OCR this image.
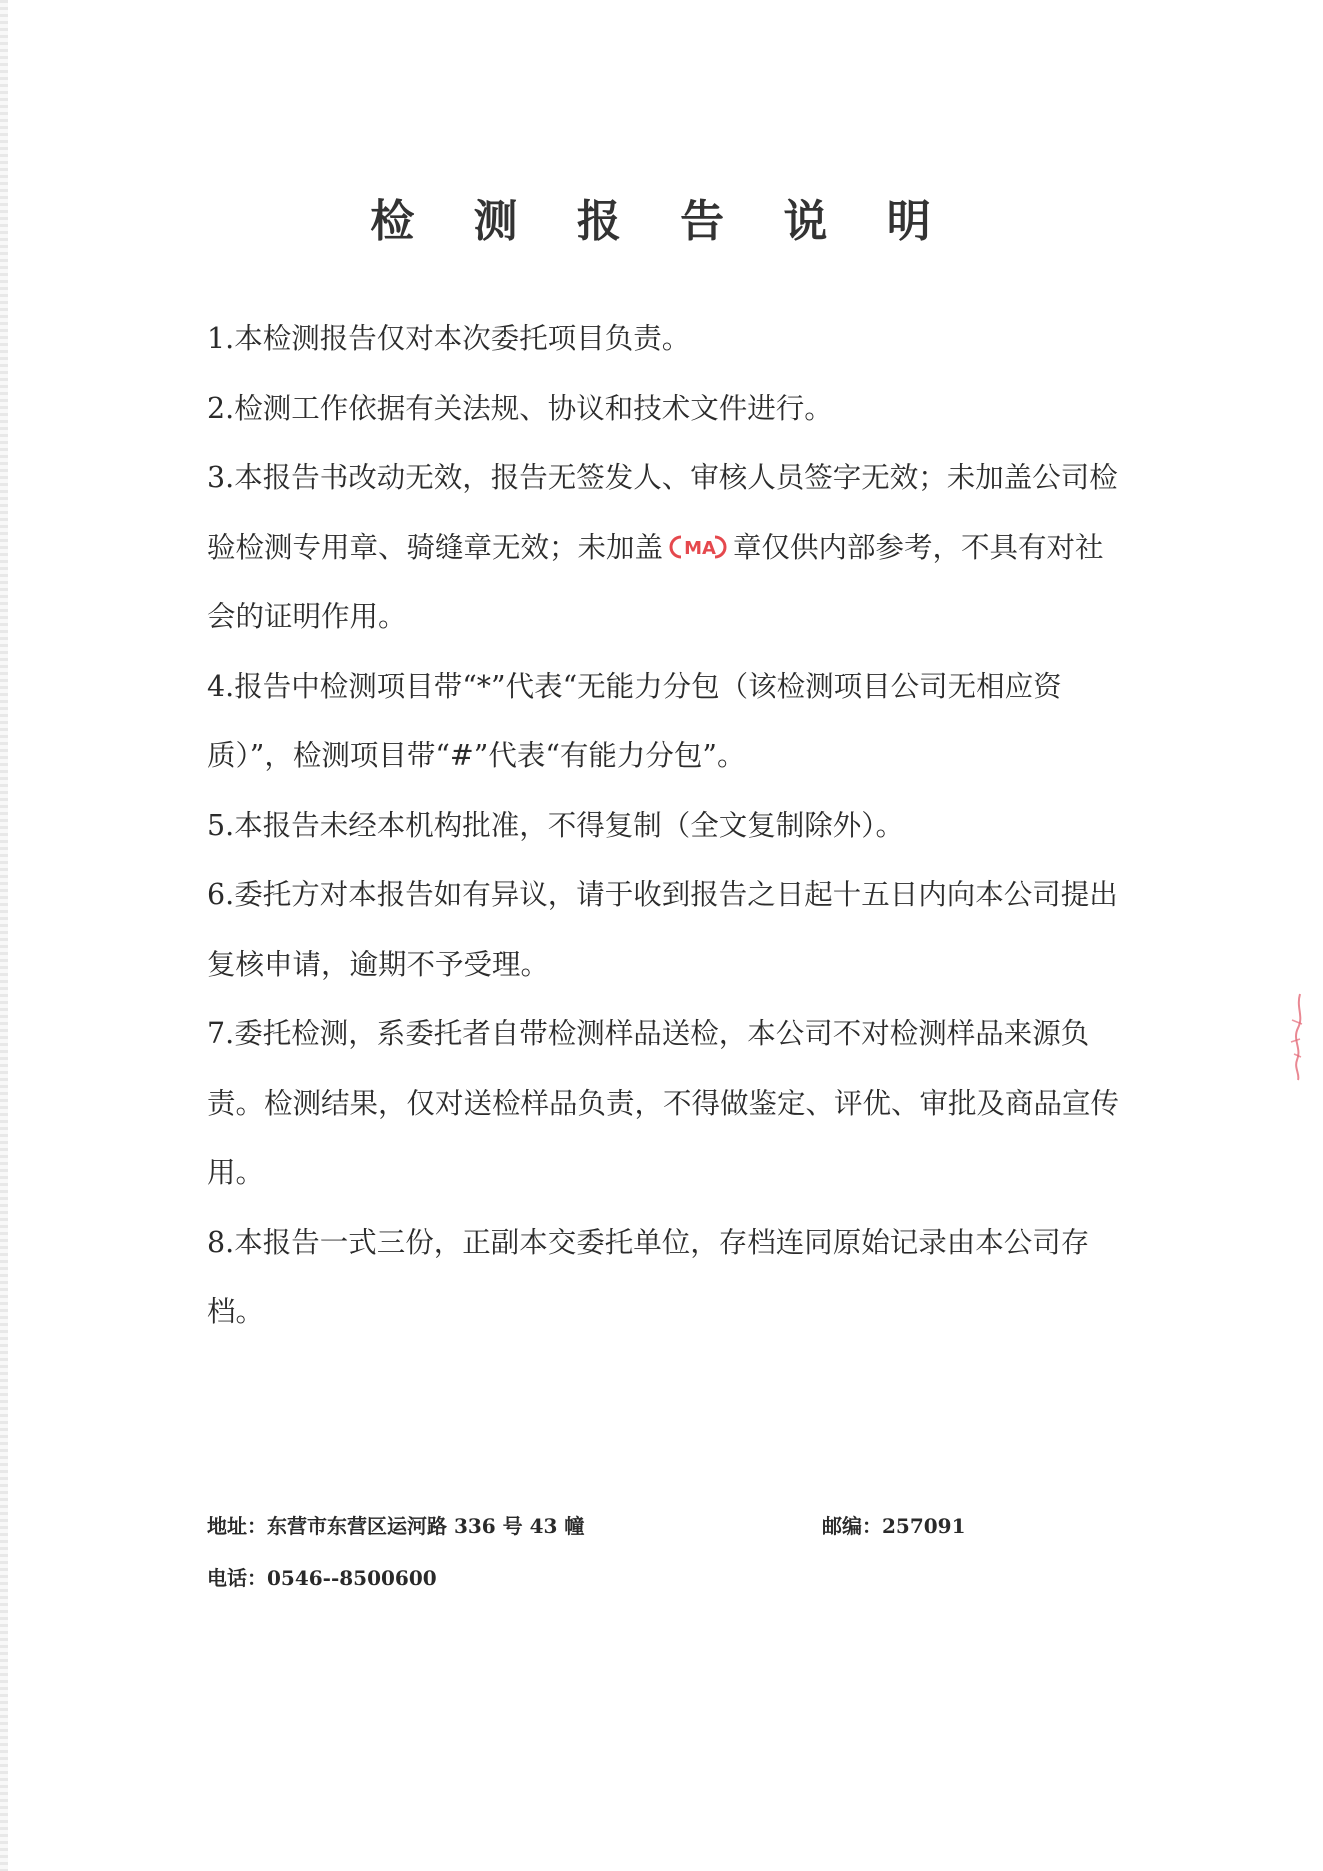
检 测 报 告 说 明
1.本检测报告仅对本次委托项目负责。
2.检测工作依据有关法规、协议和技术文件进行。
3.本报告书改动无效，报告无签发人、审核人员签字无效；未加盖公司检验检测专用章、骑缝章无效；未加盖 MA 章仅供内部参考，不具有对社会的证明作用。
4.报告中检测项目带“*”代表“无能力分包（该检测项目公司无相应资质）”，检测项目带“#”代表“有能力分包”。
5.本报告未经本机构批准，不得复制（全文复制除外）。
6.委托方对本报告如有异议，请于收到报告之日起十五日内向本公司提出复核申请，逾期不予受理。
7.委托检测，系委托者自带检测样品送检，本公司不对检测样品来源负责。检测结果，仅对送检样品负责，不得做鉴定、评优、审批及商品宣传用。
8.本报告一式三份，正副本交委托单位，存档连同原始记录由本公司存档。
地址：东营市东营区运河路 336 号 43 幢	邮编：257091
电话：0546--8500600
